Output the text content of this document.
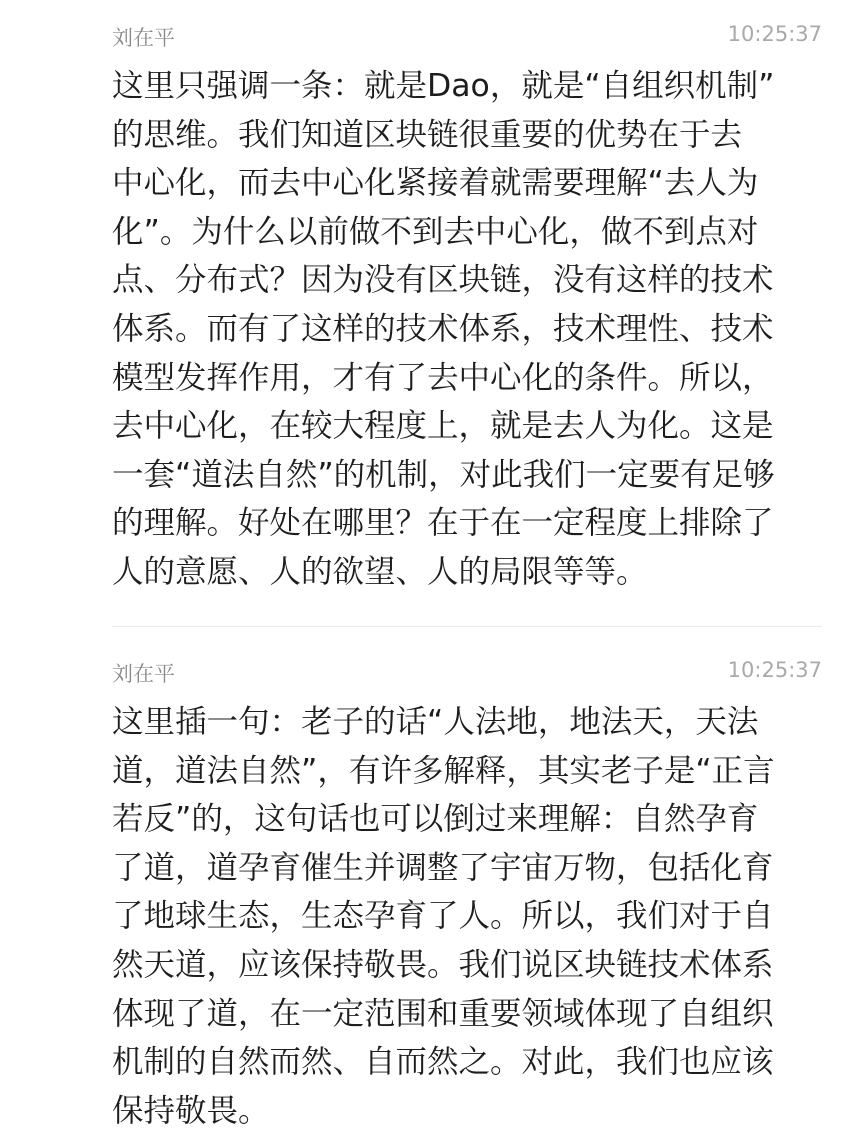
刘在平	10:25:37
这里只强调一条：就是Dao，就是“自组织机制”
的思维。我们知道区块链很重要的优势在于去
中心化，而去中心化紧接着就需要理解“去人为
化”。为什么以前做不到去中心化，做不到点对
点、分布式？因为没有区块链，没有这样的技术
体系。而有了这样的技术体系，技术理性、技术
模型发挥作用，才有了去中心化的条件。所以，
去中心化，在较大程度上，就是去人为化。这是
一套“道法自然”的机制，对此我们一定要有足够
的理解。好处在哪里？在于在一定程度上排除了
人的意愿、人的欲望、人的局限等等。
刘在平	10:25:37
这里插一句：老子的话“人法地，地法天，天法
道，道法自然”，有许多解释，其实老子是“正言
若反”的，这句话也可以倒过来理解：自然孕育
了道，道孕育催生并调整了宇宙万物，包括化育
了地球生态，生态孕育了人。所以，我们对于自
然天道，应该保持敬畏。我们说区块链技术体系
体现了道，在一定范围和重要领域体现了自组织
机制的自然而然、自而然之。对此，我们也应该
保持敬畏。
